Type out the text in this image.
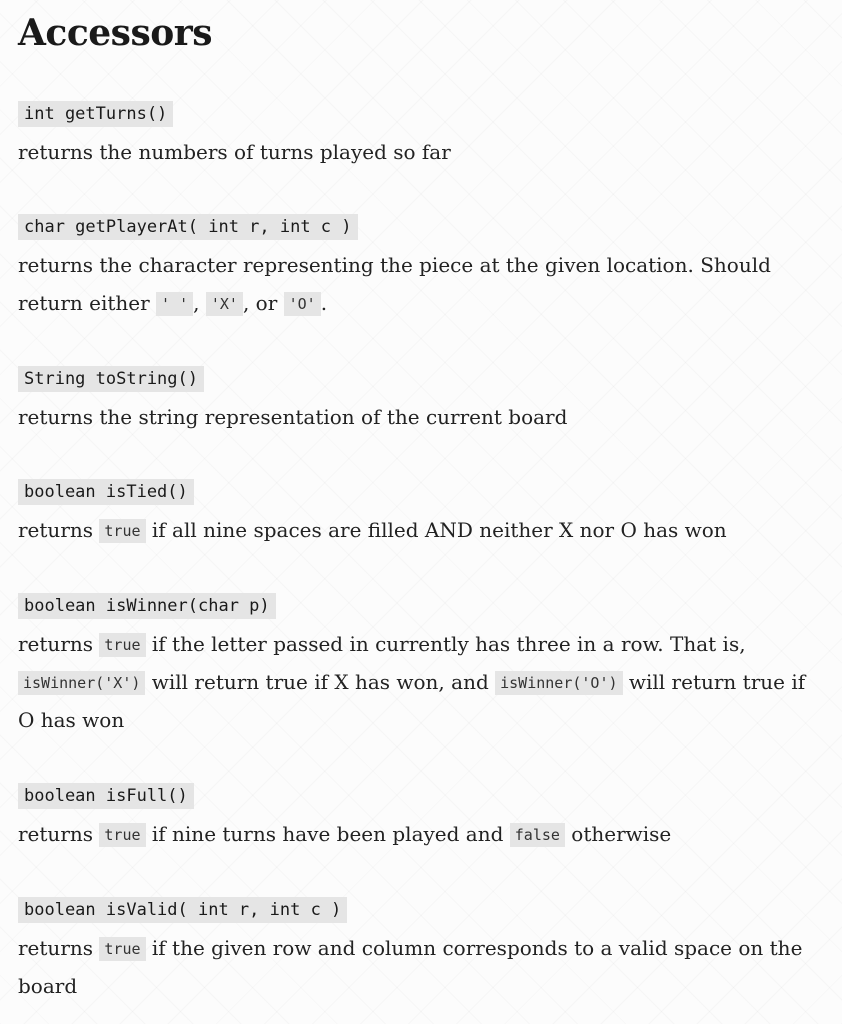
Accessors
int getTurns()

returns the numbers of turns played so far

char getPlayerAt( int r, int c )

returns the character representing the piece at the given location. Should return either ' ' , 'X' , or 'O' .

String toString()

returns the string representation of the current board

boolean isTied()

returns true if all nine spaces are filled AND neither X nor O has won

boolean isWinner(char p)

returns true if the letter passed in currently has three in a row. That is, isWinner('X') will return true if X has won, and isWinner('O') will return true if O has won

boolean isFull()

returns true if nine turns have been played and false otherwise

boolean isValid( int r, int c )

returns true if the given row and column corresponds to a valid space on the board
